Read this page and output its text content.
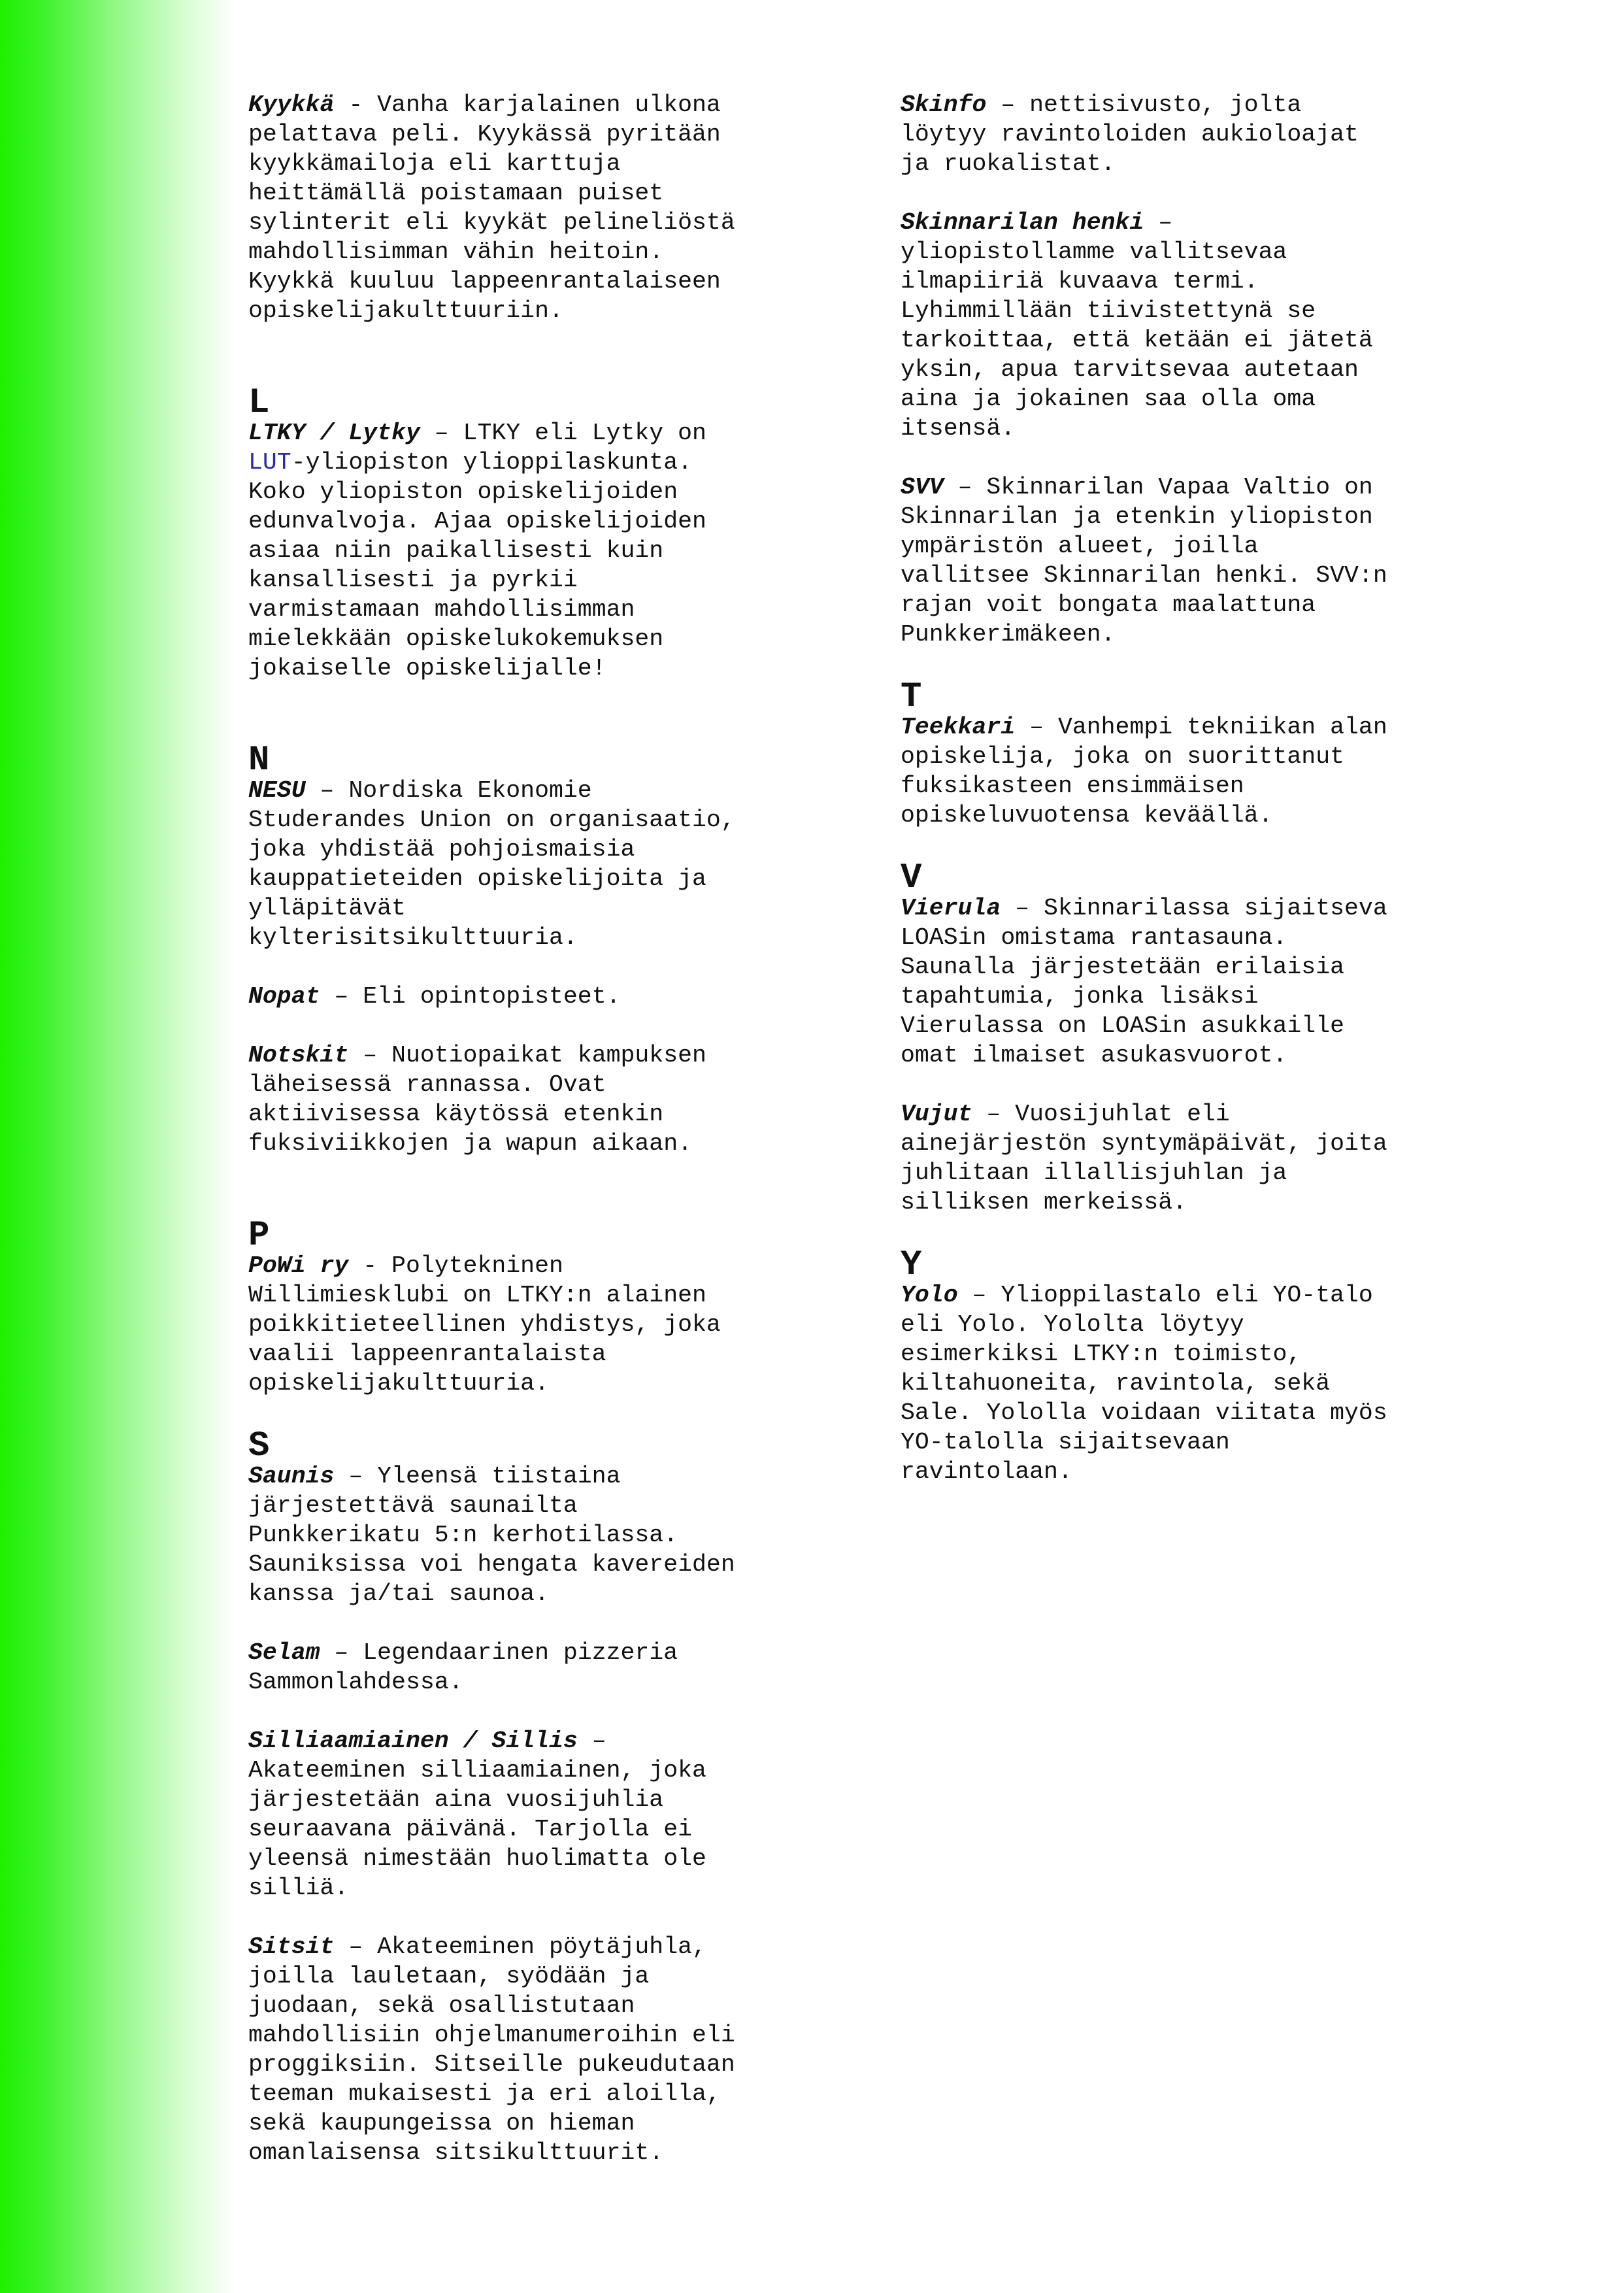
Kyykkä - Vanha karjalainen ulkona
pelattava peli. Kyykässä pyritään
kyykkämailoja eli karttuja
heittämällä poistamaan puiset
sylinterit eli kyykät pelineliöstä
mahdollisimman vähin heitoin.
Kyykkä kuuluu lappeenrantalaiseen
opiskelijakulttuuriin.

L

LTKY / Lytky – LTKY eli Lytky on
LUT-yliopiston ylioppilaskunta.
Koko yliopiston opiskelijoiden
edunvalvoja. Ajaa opiskelijoiden
asiaa niin paikallisesti kuin
kansallisesti ja pyrkii
varmistamaan mahdollisimman
mielekkään opiskelukokemuksen
jokaiselle opiskelijalle!

N

NESU – Nordiska Ekonomie
Studerandes Union on organisaatio,
joka yhdistää pohjoismaisia
kauppatieteiden opiskelijoita ja
ylläpitävät
kylterisitsikulttuuria.

Nopat – Eli opintopisteet.

Notskit – Nuotiopaikat kampuksen
läheisessä rannassa. Ovat
aktiivisessa käytössä etenkin
fuksiviikkojen ja wapun aikaan.

P

PoWi ry - Polytekninen
Willimiesklubi on LTKY:n alainen
poikkitieteellinen yhdistys, joka
vaalii lappeenrantalaista
opiskelijakulttuuria.

S

Saunis – Yleensä tiistaina
järjestettävä saunailta
Punkkerikatu 5:n kerhotilassa.
Sauniksissa voi hengata kavereiden
kanssa ja/tai saunoa.

Selam – Legendaarinen pizzeria
Sammonlahdessa.

Silliaamiainen / Sillis –
Akateeminen silliaamiainen, joka
järjestetään aina vuosijuhlia
seuraavana päivänä. Tarjolla ei
yleensä nimestään huolimatta ole
silliä.

Sitsit – Akateeminen pöytäjuhla,
joilla lauletaan, syödään ja
juodaan, sekä osallistutaan
mahdollisiin ohjelmanumeroihin eli
proggiksiin. Sitseille pukeudutaan
teeman mukaisesti ja eri aloilla,
sekä kaupungeissa on hieman
omanlaisensa sitsikulttuurit.

Skinfo – nettisivusto, jolta
löytyy ravintoloiden aukioloajat
ja ruokalistat.

Skinnarilan henki –
yliopistollamme vallitsevaa
ilmapiiriä kuvaava termi.
Lyhimmillään tiivistettynä se
tarkoittaa, että ketään ei jätetä
yksin, apua tarvitsevaa autetaan
aina ja jokainen saa olla oma
itsensä.

SVV – Skinnarilan Vapaa Valtio on
Skinnarilan ja etenkin yliopiston
ympäristön alueet, joilla
vallitsee Skinnarilan henki. SVV:n
rajan voit bongata maalattuna
Punkkerimäkeen.

T

Teekkari – Vanhempi tekniikan alan
opiskelija, joka on suorittanut
fuksikasteen ensimmäisen
opiskeluvuotensa keväällä.

V

Vierula – Skinnarilassa sijaitseva
LOASin omistama rantasauna.
Saunalla järjestetään erilaisia
tapahtumia, jonka lisäksi
Vierulassa on LOASin asukkaille
omat ilmaiset asukasvuorot.

Vujut – Vuosijuhlat eli
ainejärjestön syntymäpäivät, joita
juhlitaan illallisjuhlan ja
silliksen merkeissä.

Y

Yolo – Ylioppilastalo eli YO-talo
eli Yolo. Yololta löytyy
esimerkiksi LTKY:n toimisto,
kiltahuoneita, ravintola, sekä
Sale. Yololla voidaan viitata myös
YO-talolla sijaitsevaan
ravintolaan.
